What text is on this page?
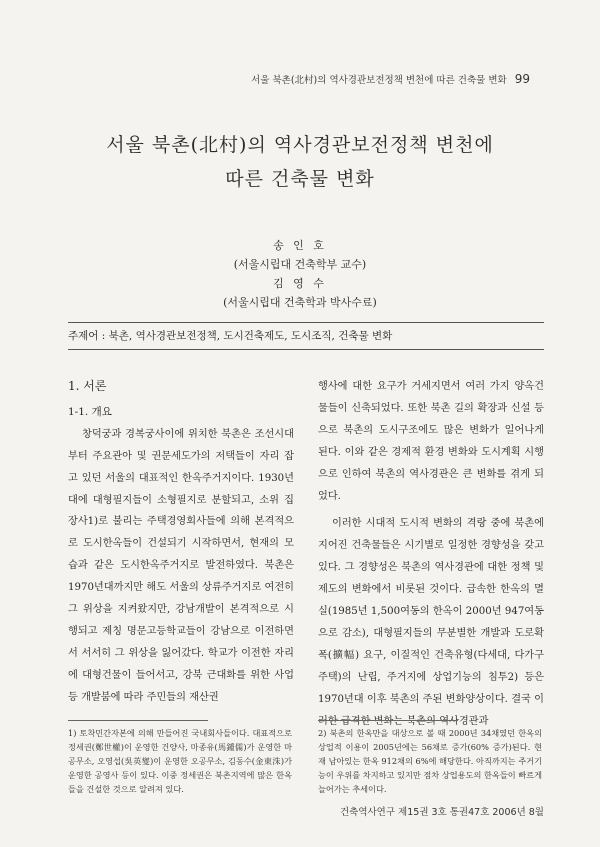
서울 북촌(北村)의 역사경관보전정책 변천에 따른 건축물 변화 99
서울 북촌(北村)의 역사경관보전정책 변천에
따른 건축물 변화
송 인 호
(서울시립대 건축학부 교수)
김 영 수
(서울시립대 건축학과 박사수료)
주제어 : 북촌, 역사경관보전정책, 도시건축제도, 도시조직, 건축물 변화
1. 서론
1-1. 개요

창덕궁과 경복궁사이에 위치한 북촌은 조선시대부터 주요관아 및 권문세도가의 저택들이 자리 잡고 있던 서울의 대표적인 한옥주거지이다. 1930년대에 대형필지들이 소형필지로 분할되고, 소위 집장사1)로 불리는 주택경영회사들에 의해 본격적으로 도시한옥들이 건설되기 시작하면서, 현재의 모습과 같은 도시한옥주거지로 발전하였다. 북촌은 1970년대까지만 해도 서울의 상류주거지로 여전히 그 위상을 지켜왔지만, 강남개발이 본격적으로 시행되고 제칭 명문고등학교들이 강남으로 이전하면서 서서히 그 위상을 잃어갔다. 학교가 이전한 자리에 대형건물이 들어서고, 강북 근대화를 위한 사업 등 개발붐에 따라 주민들의 재산권

행사에 대한 요구가 거세지면서 여러 가지 양옥건물들이 신축되었다. 또한 북촌 길의 확장과 신설 등으로 북촌의 도시구조에도 많은 변화가 일어나게 된다. 이와 같은 경제적 환경 변화와 도시계획 시행으로 인하여 북촌의 역사경관은 큰 변화를 겪게 되었다.

이러한 시대적 도시적 변화의 격랑 중에 북촌에 지어진 건축물들은 시기별로 일정한 경향성을 갖고 있다. 그 경향성은 북촌의 역사경관에 대한 정책 및 제도의 변화에서 비롯된 것이다. 급속한 한옥의 멸실(1985년 1,500여동의 한옥이 2000년 947여동으로 감소), 대형필지들의 무분별한 개발과 도로확폭(擴幅) 요구, 이질적인 건축유형(다세대, 다가구 주택)의 난립, 주거지에 상업기능의 침투2) 등은 1970년대 이후 북촌의 주된 변화양상이다. 결국 이러한 급격한 변화는 북촌의 역사경관과

1) 토착민간자본에 의해 만들어진 국내회사들이다. 대표적으로 정세권(鄭世權)이 운영한 건양사, 마종유(馬鍾儒)가 운영한 마공무소, 오영섭(吳英燮)이 운영한 오공무소, 김동수(金東洙)가 운영한 공영사 등이 있다. 이중 정세권은 북촌지역에 많은 한옥들을 건설한 것으로 알려져 있다.
2) 북촌의 한옥만을 대상으로 볼 때 2000년 34채였던 한옥의 상업적 이용이 2005년에는 56채로 증가(60% 증가)된다. 현재 남아있는 한옥 912채의 6%에 해당한다. 아직까지는 주거기능이 우위를 차지하고 있지만 점차 상업용도의 한옥들이 빠르게 늘어가는 추세이다.
건축역사연구 제15권 3호 통권47호 2006년 8월
